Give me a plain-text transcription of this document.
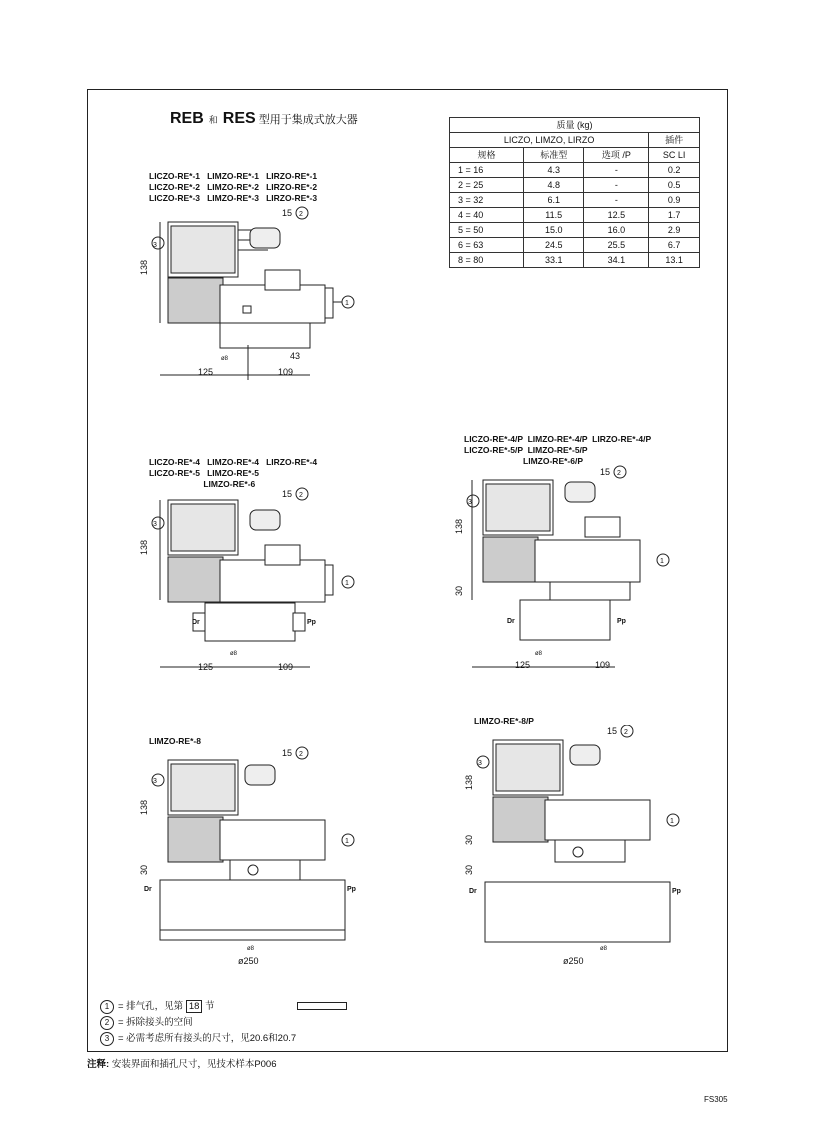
REB 和 RES 型用于集成式放大器	质量 (kg)			
LICZO, LIMZO, LIRZO			插件
规格	标准型	选项 /P	SC LI
1 = 16	4.3	-	0.2
2 = 25	4.8	-	0.5
3 = 32	6.1	-	0.9
4 = 40	11.5	12.5	1.7
5 = 50	15.0	16.0	2.9
6 = 63	24.5	25.5	6.7
8 = 80	33.1	34.1	13.1
LICZO-RE*-1   LIMZO-RE*-1   LIRZO-RE*-1
LICZO-RE*-2   LIMZO-RE*-2   LIRZO-RE*-2
LICZO-RE*-3   LIMZO-RE*-3   LIRZO-RE*-3
LICZO-RE*-4   LIMZO-RE*-4   LIRZO-RE*-4
LICZO-RE*-5   LIMZO-RE*-5
LIMZO-RE*-6
LICZO-RE*-4/P  LIMZO-RE*-4/P  LIRZO-RE*-4/P
LICZO-RE*-5/P  LIMZO-RE*-5/P
LIMZO-RE*-6/P
LIMZO-RE*-8
LIMZO-RE*-8/P
3
1
2
15
125	109
43
ø8
138
3
1
2
15
125	109
ø8
Dr	Pp
138
3
1
2
15
125	109
ø8
Dr	Pp
138
30
3
1
2
15
ø250
ø8
Dr	Pp
138
30
3
1
2
15
ø250
ø8
Dr	Pp
138
30
30
1 = 排气孔，见第 18 节
2 = 拆除接头的空间
3 = 必需考虑所有接头的尺寸，见20.6和20.7
注释: 安装界面和插孔尺寸，见技术样本P006
FS305
